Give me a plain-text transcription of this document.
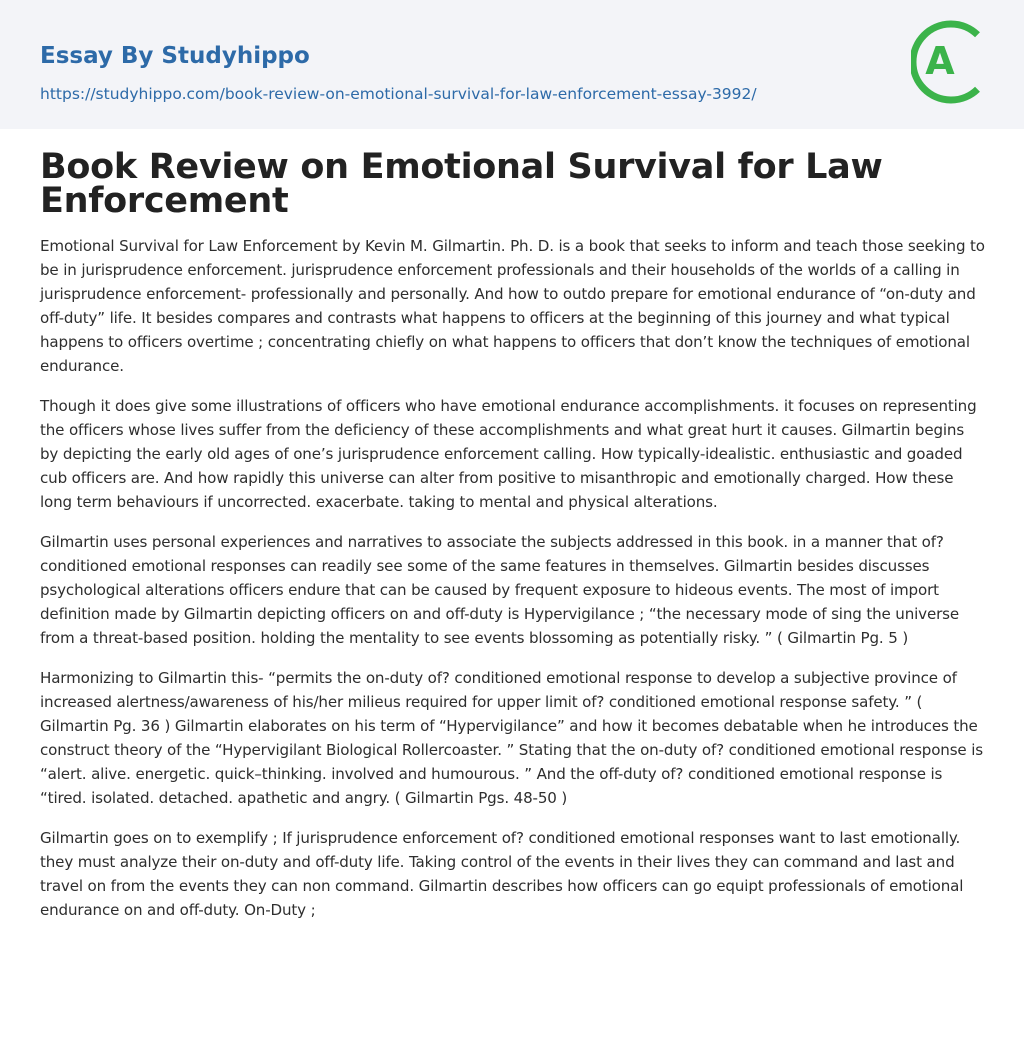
Essay By Studyhippo
https://studyhippo.com/book-review-on-emotional-survival-for-law-enforcement-essay-3992/
A
Book Review on Emotional Survival for Law Enforcement

Emotional Survival for Law Enforcement by Kevin M. Gilmartin. Ph. D. is a book that seeks to inform and teach those seeking to be in jurisprudence enforcement. jurisprudence enforcement professionals and their households of the worlds of a calling in jurisprudence enforcement- professionally and personally. And how to outdo prepare for emotional endurance of “on-duty and off-duty” life. It besides compares and contrasts what happens to officers at the beginning of this journey and what typical happens to officers overtime ; concentrating chiefly on what happens to officers that don’t know the techniques of emotional endurance.

Though it does give some illustrations of officers who have emotional endurance accomplishments. it focuses on representing the officers whose lives suffer from the deficiency of these accomplishments and what great hurt it causes. Gilmartin begins by depicting the early old ages of one’s jurisprudence enforcement calling. How typically-idealistic. enthusiastic and goaded cub officers are. And how rapidly this universe can alter from positive to misanthropic and emotionally charged. How these long term behaviours if uncorrected. exacerbate. taking to mental and physical alterations.

Gilmartin uses personal experiences and narratives to associate the subjects addressed in this book. in a manner that of? conditioned emotional responses can readily see some of the same features in themselves. Gilmartin besides discusses psychological alterations officers endure that can be caused by frequent exposure to hideous events. The most of import definition made by Gilmartin depicting officers on and off-duty is Hypervigilance ; “the necessary mode of sing the universe from a threat-based position. holding the mentality to see events blossoming as potentially risky. ” ( Gilmartin Pg. 5 )

Harmonizing to Gilmartin this- “permits the on-duty of? conditioned emotional response to develop a subjective province of increased alertness/awareness of his/her milieus required for upper limit of? conditioned emotional response safety. ” ( Gilmartin Pg. 36 ) Gilmartin elaborates on his term of “Hypervigilance” and how it becomes debatable when he introduces the construct theory of the “Hypervigilant Biological Rollercoaster. ” Stating that the on-duty of? conditioned emotional response is “alert. alive. energetic. quick–thinking. involved and humourous. ” And the off-duty of? conditioned emotional response is “tired. isolated. detached. apathetic and angry. ( Gilmartin Pgs. 48-50 )

Gilmartin goes on to exemplify ; If jurisprudence enforcement of? conditioned emotional responses want to last emotionally. they must analyze their on-duty and off-duty life. Taking control of the events in their lives they can command and last and travel on from the events they can non command. Gilmartin describes how officers can go equipt professionals of emotional endurance on and off-duty. On-Duty ;
